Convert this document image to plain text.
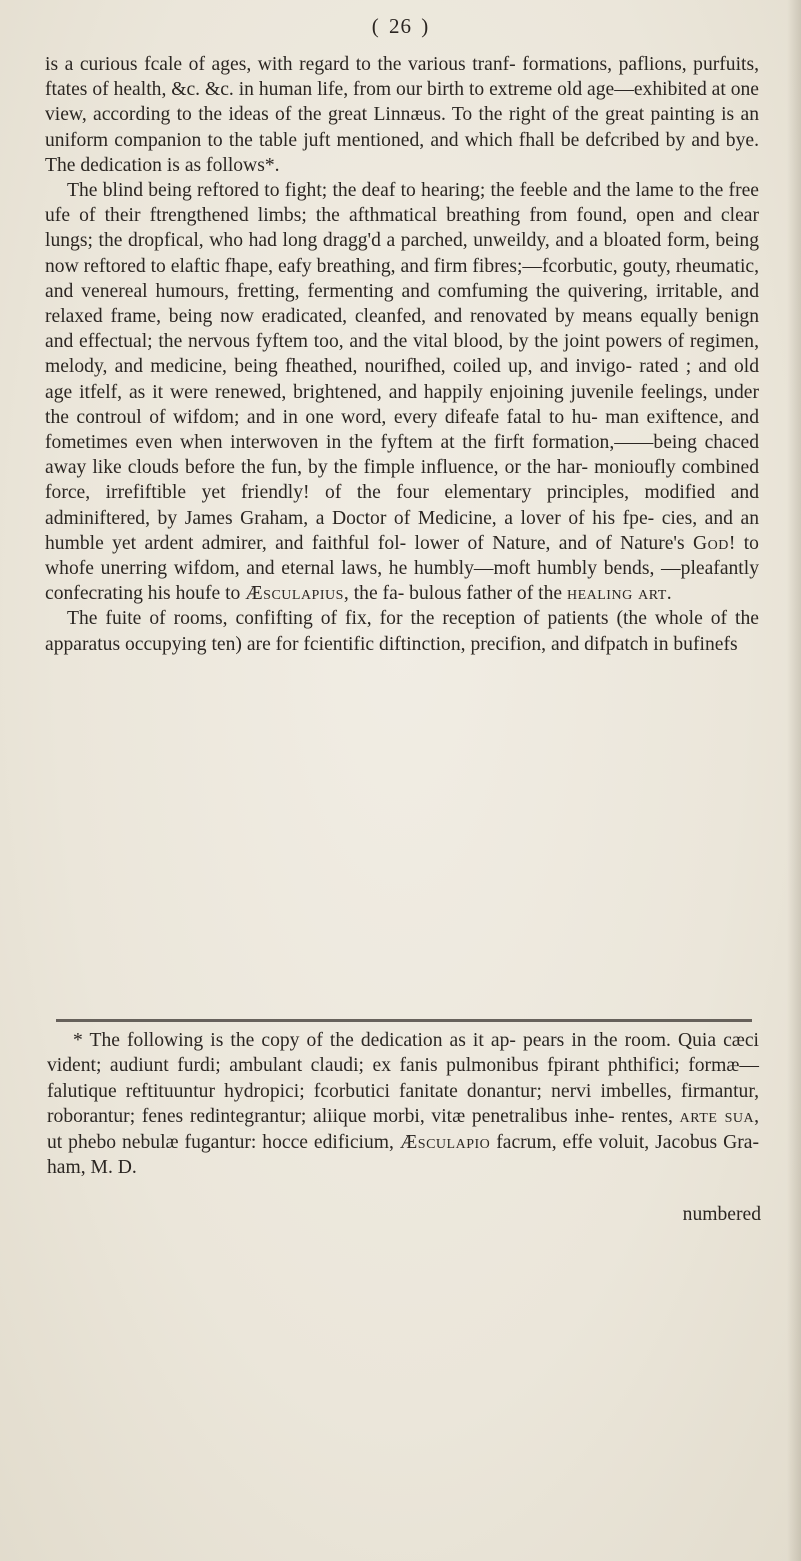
( 26 )

is a curious fcale of ages, with regard to the various tranf- formations, paflions, purfuits, ftates of health, &c. &c. in human life, from our birth to extreme old age—exhibited at one view, according to the ideas of the great Linnæus. To the right of the great painting is an uniform companion to the table juft mentioned, and which fhall be defcribed by and bye. The dedication is as follows*.

The blind being reftored to fight; the deaf to hearing; the feeble and the lame to the free ufe of their ftrengthened limbs; the afthmatical breathing from found, open and clear lungs; the dropfical, who had long dragg'd a parched, unweildy, and a bloated form, being now reftored to elaftic fhape, eafy breathing, and firm fibres;—fcorbutic, gouty, rheumatic, and venereal humours, fretting, fermenting and comfuming the quivering, irritable, and relaxed frame, being now eradicated, cleanfed, and renovated by means equally benign and effectual; the nervous fyftem too, and the vital blood, by the joint powers of regimen, melody, and medicine, being fheathed, nourifhed, coiled up, and invigo- rated ; and old age itfelf, as it were renewed, brightened, and happily enjoining juvenile feelings, under the controul of wifdom; and in one word, every difeafe fatal to hu- man exiftence, and fometimes even when interwoven in the fyftem at the firft formation,——being chaced away like clouds before the fun, by the fimple influence, or the har- monioufly combined force, irrefiftible yet friendly! of the four elementary principles, modified and adminiftered, by James Graham, a Doctor of Medicine, a lover of his fpe- cies, and an humble yet ardent admirer, and faithful fol- lower of Nature, and of Nature's God! to whofe unerring wifdom, and eternal laws, he humbly—moft humbly bends, —pleafantly confecrating his houfe to Æsculapius, the fa- bulous father of the healing art.

The fuite of rooms, confifting of fix, for the reception of patients (the whole of the apparatus occupying ten) are for fcientific diftinction, precifion, and difpatch in bufinefs

* The following is the copy of the dedication as it ap- pears in the room. Quia cæci vident; audiunt furdi; ambulant claudi; ex fanis pulmonibus fpirant phthifici; formæ—falutique reftituuntur hydropici; fcorbutici fanitate donantur; nervi imbelles, firmantur, roborantur; fenes redintegrantur; aliique morbi, vitæ penetralibus inhe- rentes, arte sua, ut phebo nebulæ fugantur: hocce edificium, Æsculapio facrum, effe voluit, Jacobus Gra- ham, M. D.

numbered
